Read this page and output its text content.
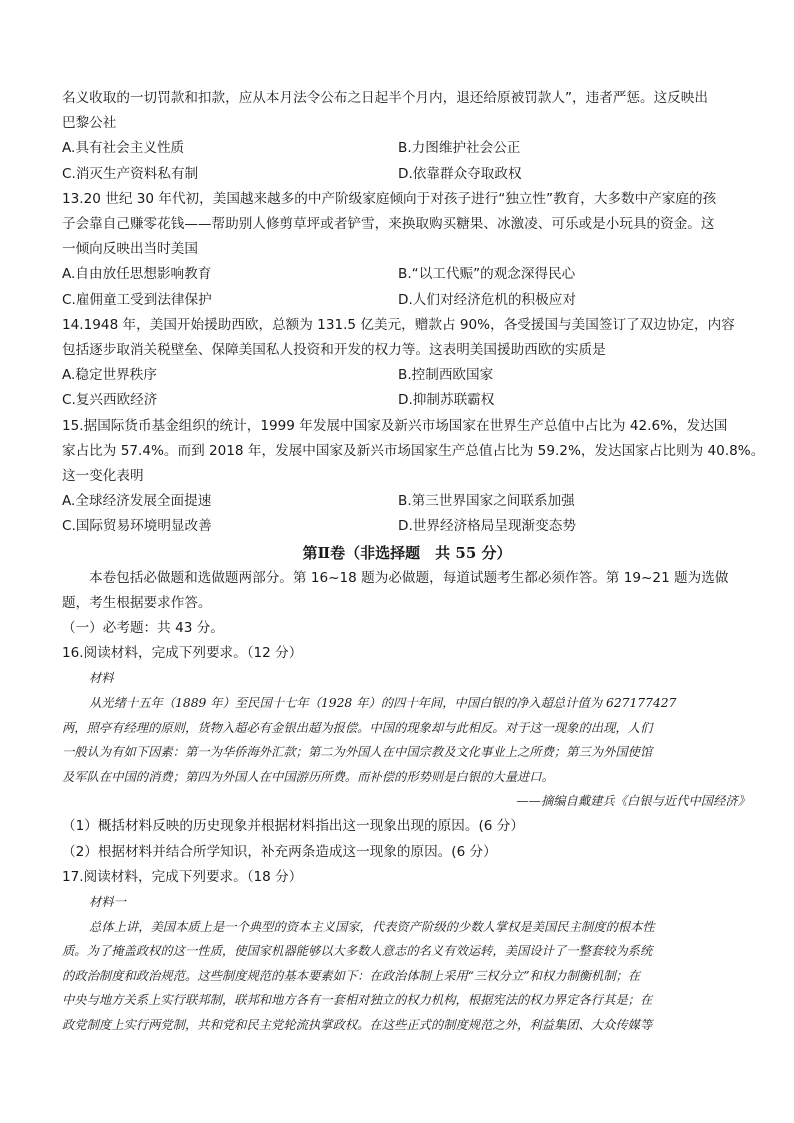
名义收取的一切罚款和扣款，应从本月法令公布之日起半个月内，退还给原被罚款人”，违者严惩。这反映出
巴黎公社
A.具有社会主义性质	B.力图维护社会公正
C.消灭生产资料私有制	D.依靠群众夺取政权
13.20 世纪 30 年代初，美国越来越多的中产阶级家庭倾向于对孩子进行“独立性”教育，大多数中产家庭的孩
子会靠自己赚零花钱——帮助别人修剪草坪或者铲雪，来换取购买糖果、冰激凌、可乐或是小玩具的资金。这
一倾向反映出当时美国
A.自由放任思想影响教育	B.“以工代赈”的观念深得民心
C.雇佣童工受到法律保护	D.人们对经济危机的积极应对
14.1948 年，美国开始援助西欧，总额为 131.5 亿美元，赠款占 90%，各受援国与美国签订了双边协定，内容
包括逐步取消关税壁垒、保障美国私人投资和开发的权力等。这表明美国援助西欧的实质是
A.稳定世界秩序	B.控制西欧国家
C.复兴西欧经济	D.抑制苏联霸权
15.据国际货币基金组织的统计，1999 年发展中国家及新兴市场国家在世界生产总值中占比为 42.6%，发达国
家占比为 57.4%。而到 2018 年，发展中国家及新兴市场国家生产总值占比为 59.2%，发达国家占比则为 40.8%。
这一变化表明
A.全球经济发展全面提速	B.第三世界国家之间联系加强
C.国际贸易环境明显改善	D.世界经济格局呈现渐变态势
第Ⅱ卷（非选择题　共 55 分）
本卷包括必做题和选做题两部分。第 16~18 题为必做题，每道试题考生都必须作答。第 19~21 题为选做
题，考生根据要求作答。
（一）必考题：共 43 分。
16.阅读材料，完成下列要求。（12 分）
材料
从光绪十五年（1889 年）至民国十七年（1928 年）的四十年间，中国白银的净入超总计值为 627177427
两，照亭有经理的原则，货物入超必有金银出超为报偿。中国的现象却与此相反。对于这一现象的出现，人们
一般认为有如下因素：第一为华侨海外汇款；第二为外国人在中国宗教及文化事业上之所费；第三为外国使馆
及军队在中国的消费；第四为外国人在中国游历所费。而补偿的形势则是白银的大量进口。
——摘编自戴建兵《白银与近代中国经济》
（1）概括材料反映的历史现象并根据材料指出这一现象出现的原因。(6 分）
（2）根据材料并结合所学知识，补充两条造成这一现象的原因。(6 分）
17.阅读材料，完成下列要求。（18 分）
材料一
总体上讲，美国本质上是一个典型的资本主义国家，代表资产阶级的少数人掌权是美国民主制度的根本性
质。为了掩盖政权的这一性质，使国家机器能够以大多数人意志的名义有效运转，美国设计了一整套较为系统
的政治制度和政治规范。这些制度规范的基本要素如下：在政治体制上采用“三权分立”和权力制衡机制；在
中央与地方关系上实行联邦制，联邦和地方各有一套相对独立的权力机构，根据宪法的权力界定各行其是；在
政党制度上实行两党制，共和党和民主党轮流执掌政权。在这些正式的制度规范之外，利益集团、大众传媒等
